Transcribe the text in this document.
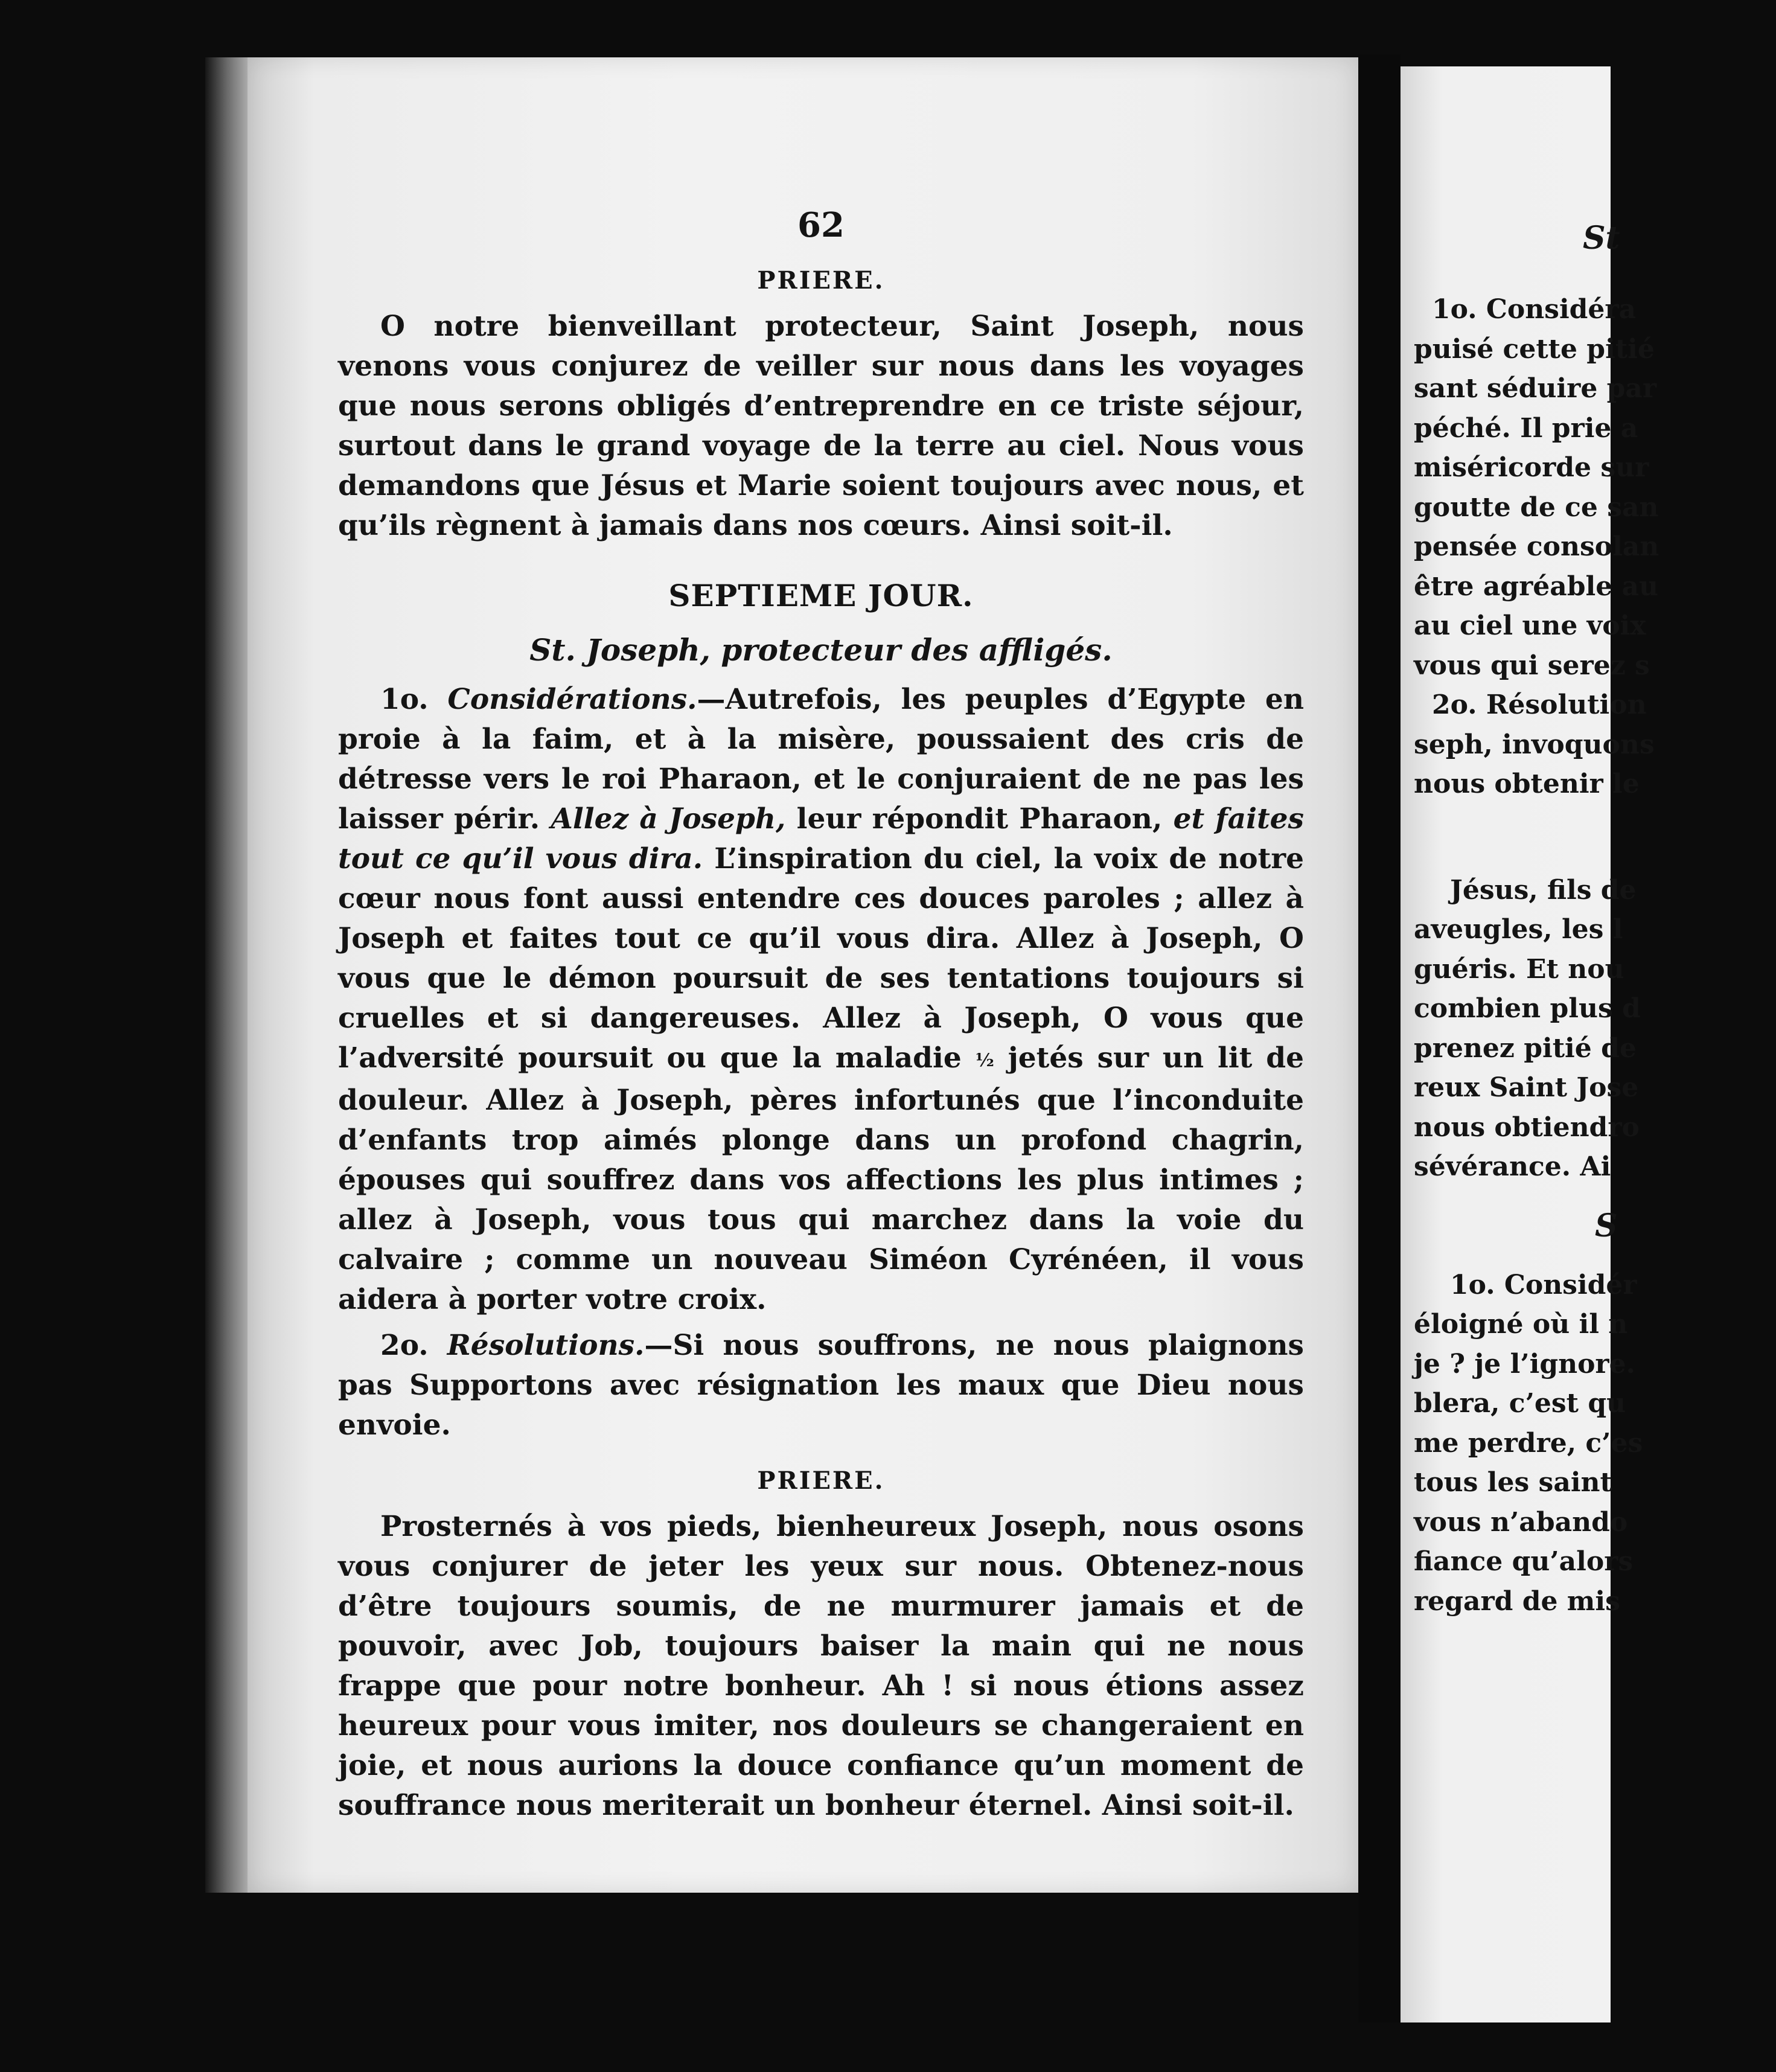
62
PRIERE.

O notre bienveillant protecteur, Saint Joseph, nous venons vous conjurez de veiller sur nous dans les voyages que nous serons obligés d’entreprendre en ce triste séjour, surtout dans le grand voyage de la terre au ciel. Nous vous demandons que Jésus et Marie soient toujours avec nous, et qu’ils règnent à jamais dans nos cœurs. Ainsi soit-il.

SEPTIEME JOUR.
St. Joseph, protecteur des affligés.

1o. Considérations.—Autrefois, les peuples d’Egypte en proie à la faim, et à la misère, poussaient des cris de détresse vers le roi Pharaon, et le conjuraient de ne pas les laisser périr. Allez à Joseph, leur répondit Pharaon, et faites tout ce qu’il vous dira. L’inspiration du ciel, la voix de notre cœur nous font aussi entendre ces douces paroles ; allez à Joseph et faites tout ce qu’il vous dira. Allez à Joseph, O vous que le démon poursuit de ses tentations toujours si cruelles et si dangereuses. Allez à Joseph, O vous que l’adversité poursuit ou que la maladie ½ jetés sur un lit de douleur. Allez à Joseph, pères infortunés que l’inconduite d’enfants trop aimés plonge dans un profond chagrin, épouses qui souffrez dans vos affections les plus intimes ; allez à Joseph, vous tous qui marchez dans la voie du calvaire ; comme un nouveau Siméon Cyrénéen, il vous aidera à porter votre croix.

2o. Résolutions.—Si nous souffrons, ne nous plaignons pas Supportons avec résignation les maux que Dieu nous envoie.

PRIERE.

Prosternés à vos pieds, bienheureux Joseph, nous osons vous conjurer de jeter les yeux sur nous. Obtenez-nous d’être toujours soumis, de ne murmurer jamais et de pouvoir, avec Job, toujours baiser la main qui ne nous frappe que pour notre bonheur. Ah ! si nous étions assez heureux pour vous imiter, nos douleurs se changeraient en joie, et nous aurions la douce confiance qu’un moment de souffrance nous meriterait un bonheur éternel. Ainsi soit-il.

St
1o. Considéra
puisé cette pitié
sant séduire par
péché. Il prie a
miséricorde sur
goutte de ce san
pensée consolan
être agréable au
au ciel une voix
vous qui serez s
2o. Résolution
seph, invoquons
nous obtenir le
Jésus, fils de
aveugles, les l
guéris. Et nou
combien plus d
prenez pitié de
reux Saint Jose
nous obtiendro
sévérance. Ai
S
1o. Considér
éloigné où il n
je ? je l’ignore.
blera, c’est qu
me perdre, c’es
tous les saint
vous n’abando
fiance qu’alors
regard de mis
